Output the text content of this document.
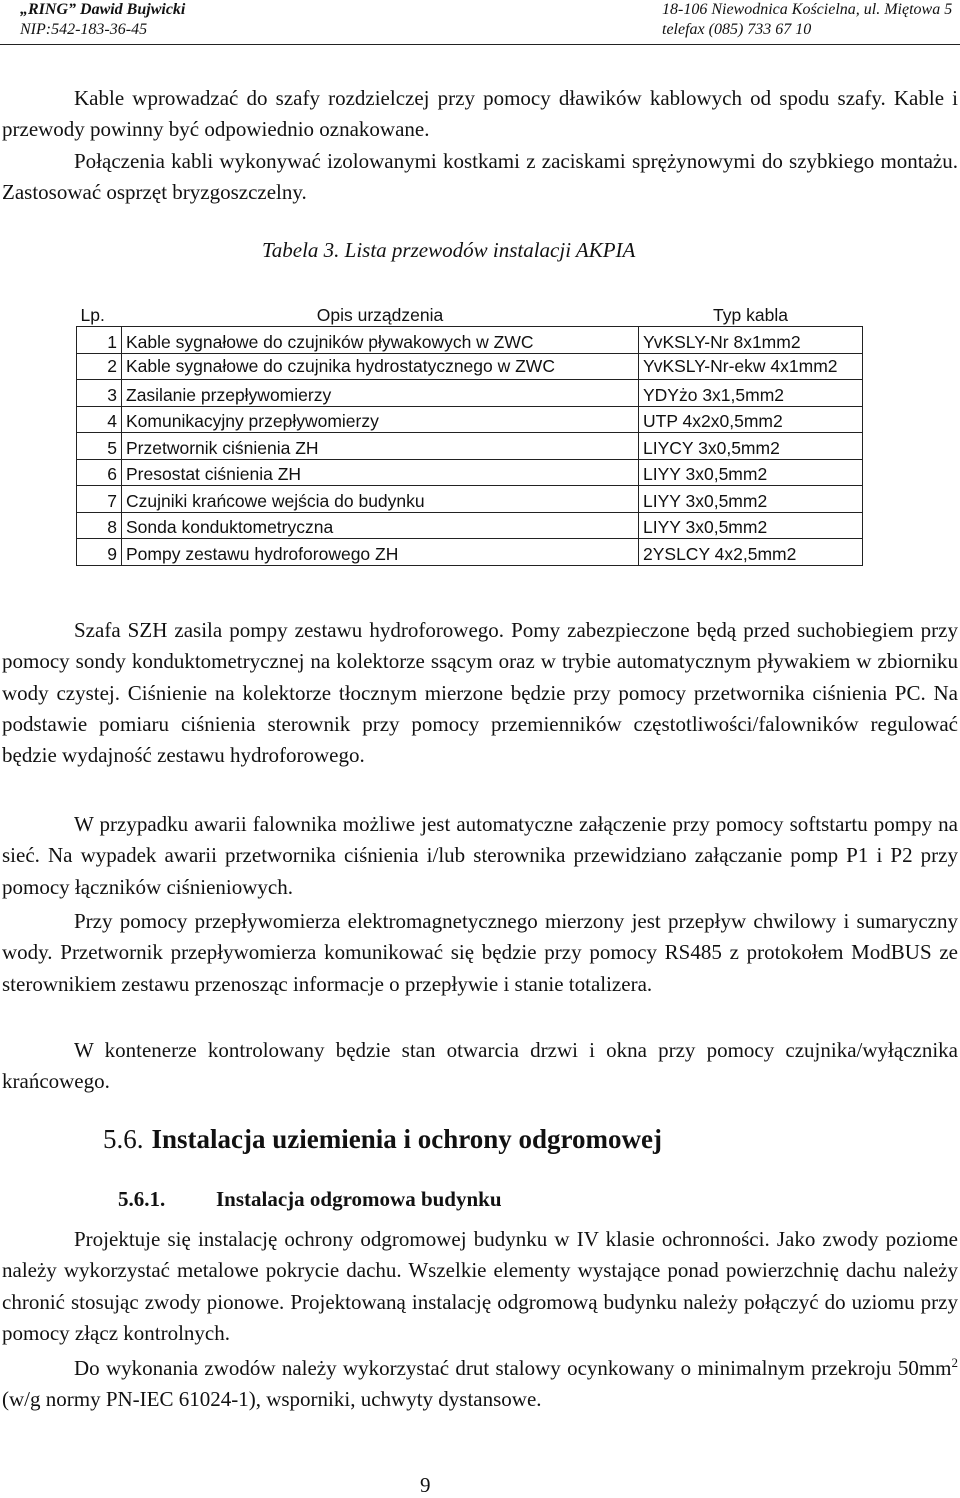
„RING” Dawid Bujwicki
NIP:542-183-36-45
18-106 Niewodnica Kościelna, ul. Miętowa 5
telefax (085) 733 67 10

Kable wprowadzać do szafy rozdzielczej przy pomocy dławików kablowych od spodu szafy. Kable i przewody powinny być odpowiednio oznakowane.

Połączenia kabli wykonywać izolowanymi kostkami z zaciskami sprężynowymi do szybkiego montażu. Zastosować osprzęt bryzgoszczelny.

Tabela 3. Lista przewodów instalacji AKPIA
Lp.	Opis urządzenia	Typ kabla
1	Kable sygnałowe do czujników pływakowych w ZWC	YvKSLY-Nr 8x1mm2
2	Kable sygnałowe do czujnika hydrostatycznego w ZWC	YvKSLY-Nr-ekw 4x1mm2
3	Zasilanie przepływomierzy	YDYżo 3x1,5mm2
4	Komunikacyjny przepływomierzy	UTP 4x2x0,5mm2
5	Przetwornik ciśnienia ZH	LIYCY 3x0,5mm2
6	Presostat ciśnienia ZH	LIYY 3x0,5mm2
7	Czujniki krańcowe wejścia do budynku	LIYY 3x0,5mm2
8	Sonda konduktometryczna	LIYY 3x0,5mm2
9	Pompy zestawu hydroforowego ZH	2YSLCY 4x2,5mm2

Szafa SZH zasila pompy zestawu hydroforowego. Pomy zabezpieczone będą przed suchobiegiem przy pomocy sondy konduktometrycznej na kolektorze ssącym oraz w trybie automatycznym pływakiem w zbiorniku wody czystej. Ciśnienie na kolektorze tłocznym mierzone będzie przy pomocy przetwornika ciśnienia PC. Na podstawie pomiaru ciśnienia sterownik przy pomocy przemienników częstotliwości/falowników regulować będzie wydajność zestawu hydroforowego.

W przypadku awarii falownika możliwe jest automatyczne załączenie przy pomocy softstartu pompy na sieć. Na wypadek awarii przetwornika ciśnienia i/lub sterownika przewidziano załączanie pomp P1 i P2 przy pomocy łączników ciśnieniowych.

Przy pomocy przepływomierza elektromagnetycznego mierzony jest przepływ chwilowy i sumaryczny wody. Przetwornik przepływomierza komunikować się będzie przy pomocy RS485 z protokołem ModBUS ze sterownikiem zestawu przenosząc informacje o przepływie i stanie totalizera.

W kontenerze kontrolowany będzie stan otwarcia drzwi i okna przy pomocy czujnika/wyłącznika krańcowego.

5.6. Instalacja uziemienia i ochrony odgromowej
5.6.1. Instalacja odgromowa budynku

Projektuje się instalację ochrony odgromowej budynku w IV klasie ochronności. Jako zwody poziome należy wykorzystać metalowe pokrycie dachu. Wszelkie elementy wystające ponad powierzchnię dachu należy chronić stosując zwody pionowe. Projektowaną instalację odgromową budynku należy połączyć do uziomu przy pomocy złącz kontrolnych.

Do wykonania zwodów należy wykorzystać drut stalowy ocynkowany o minimalnym przekroju $50mm^2$ (w/g normy PN-IEC 61024-1), wsporniki, uchwyty dystansowe.

9
